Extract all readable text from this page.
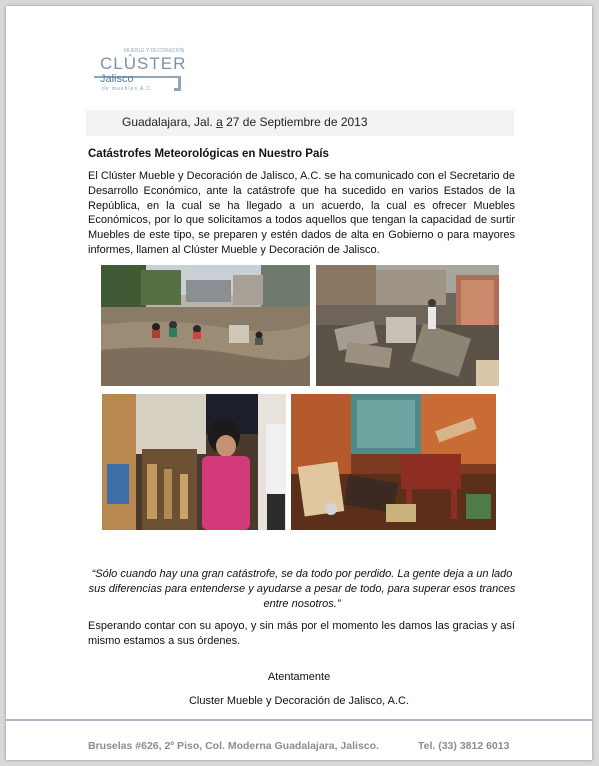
MUEBLE Y DECORACIÓN
CLÚSTER
Jalisco
de muebles A.C.
Guadalajara, Jal. a 27 de Septiembre de 2013
Catástrofes Meteorológicas en Nuestro País
El Clúster Mueble y Decoración de Jalisco, A.C. se ha comunicado con el Secretario de Desarrollo Económico, ante la catástrofe que ha sucedido en varios Estados de la República, en la cual se ha llegado a un acuerdo, la cual es ofrecer Muebles Económicos, por lo que solicitamos a todos aquellos que tengan la capacidad de surtir Muebles de este tipo, se preparen y estén dados de alta en Gobierno o para mayores informes, llamen al Clúster Mueble y Decoración de Jalisco.
“Sólo cuando hay una gran catástrofe, se da todo por perdido. La gente deja a un lado sus diferencias para entenderse y ayudarse a pesar de todo, para superar esos trances entre nosotros.”
Esperando contar con su apoyo, y sin más por el momento les damos las gracias y así mismo estamos a sus órdenes.
Atentamente
Cluster Mueble y Decoración de Jalisco, A.C.
Bruselas #626, 2º Piso, Col. Moderna Guadalajara, Jalisco.	Tel. (33) 3812 6013
